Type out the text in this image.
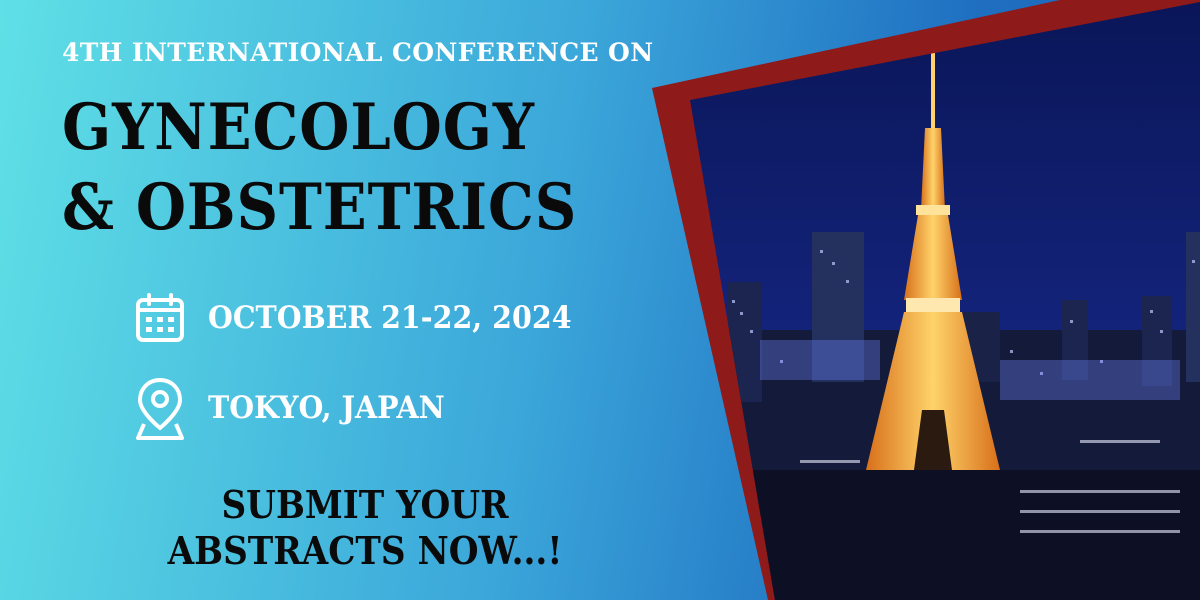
4TH INTERNATIONAL CONFERENCE ON
GYNECOLOGY
& OBSTETRICS
OCTOBER 21-22, 2024
TOKYO, JAPAN
SUBMIT YOUR
ABSTRACTS NOW...!
